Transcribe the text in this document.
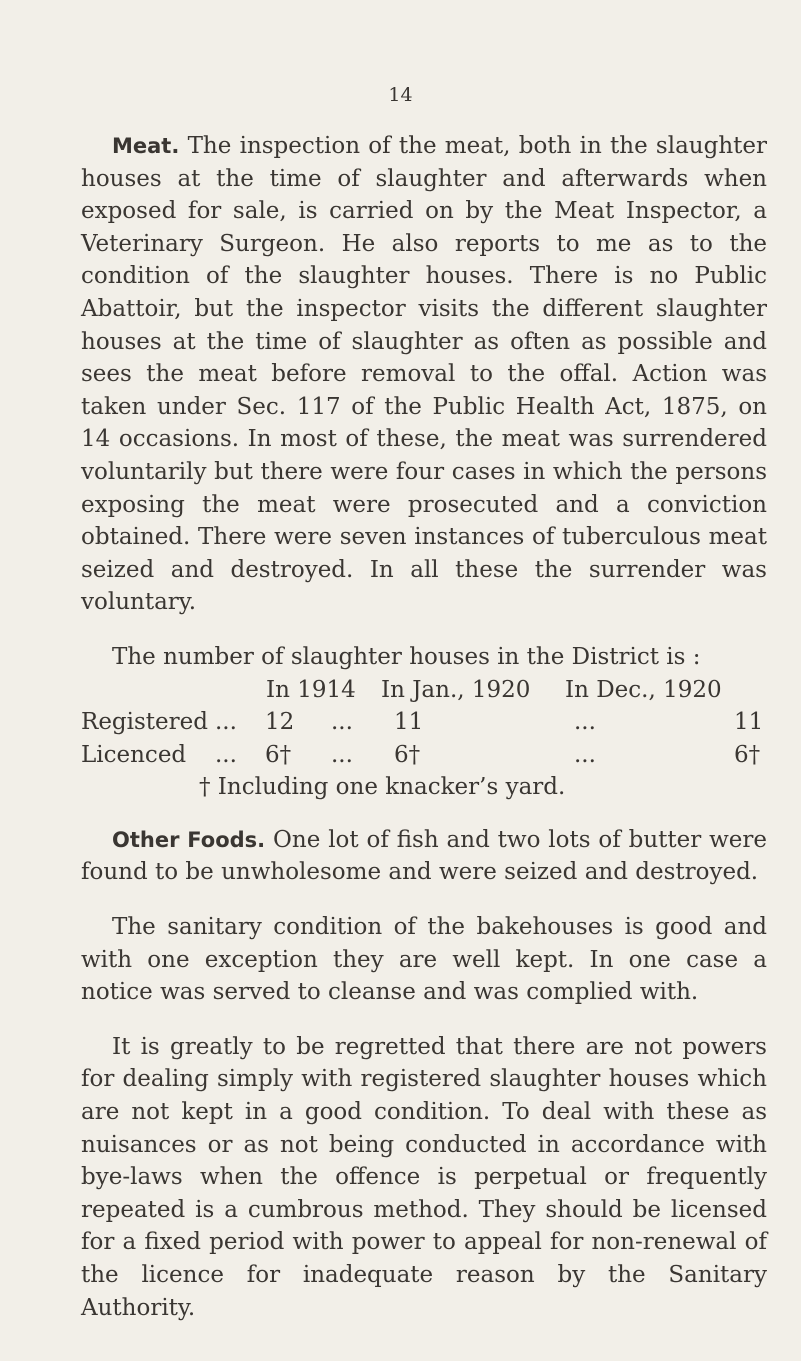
14

Meat. The inspection of the meat, both in the slaughter houses at the time of slaughter and afterwards when exposed for sale, is carried on by the Meat Inspector, a Veterinary Surgeon. He also reports to me as to the condition of the slaughter houses. There is no Public Abattoir, but the inspector visits the different slaughter houses at the time of slaughter as often as possible and sees the meat before removal to the offal. Action was taken under Sec. 117 of the Public Health Act, 1875, on 14 occasions. In most of these, the meat was surrendered voluntarily but there were four cases in which the persons exposing the meat were prosecuted and a conviction obtained. There were seven instances of tuberculous meat seized and destroyed. In all these the surrender was voluntary.

The number of slaughter houses in the District is :
In 1914 In Jan., 1920 In Dec., 1920
Registered ... 12 ... 11	...	11
Licenced ... 6† ... 6†	...	6†
† Including one knacker’s yard.

Other Foods. One lot of fish and two lots of butter were found to be unwholesome and were seized and destroyed.

The sanitary condition of the bakehouses is good and with one exception they are well kept. In one case a notice was served to cleanse and was complied with.

It is greatly to be regretted that there are not powers for dealing simply with registered slaughter houses which are not kept in a good condition. To deal with these as nuisances or as not being conducted in accordance with bye-laws when the offence is perpetual or frequently repeated is a cumbrous method. They should be licensed for a fixed period with power to appeal for non-renewal of the licence for inadequate reason by the Sanitary Authority.
